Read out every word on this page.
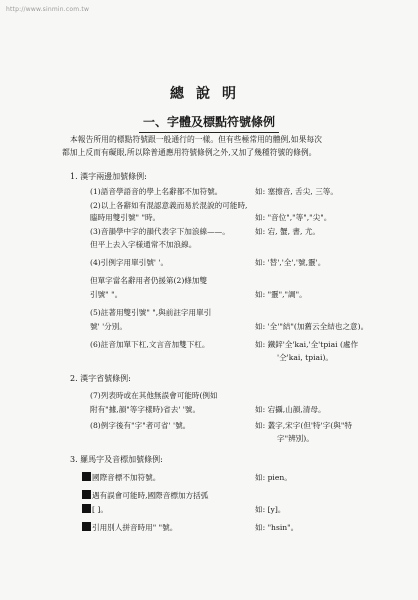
http://www.sinmin.com.tw
總說明
一、字體及標點符號條例
本報告所用的標點符號跟一般通行的一樣。但有些極常用的體例,如果每次
都加上反而有礙眼,所以除普通應用符號條例之外,又加了幾種符號的條例。
1. 漢字兩邊加號條例:
(1)語音學語音的學上名辭都不加符號。	如: 塞擦音, 舌尖, 三等。
(2)以上各辭如有混認意義而易於混說的可能時,
臨時用雙引號" "時。	如: "音位","等","尖"。
(3)音韻學中字的韻代表字下加浪線——。	如: 宕, 蟹, 書, 尤。
但平上去入字様通常不加浪線。
(4)引例字用單引號' '。	如: '替','全','號,靈'。
但單字當名辭用者仍援第(2)條加雙
引號" "。	如: "靈","調"。
(5)註著用雙引號" ",與前註字用單引
號' '分別。	如: '全'"結"(加舊云全結也之意)。
(6)註音加單下杠,文言音加雙下杠。	如: 鐵鋅'全'kai,'全'tpiai (處作
'仝'kai, tpiai)。
2. 漢字省號條例:
(7)列表時或在其他無誤會可能時(例如
附有"據,韻"等字樣時)省去' '號。	如: 宕攝,山韻,清母。
(8)例字後有"字"者可省' '號。	如: 叢字,宋字(但'特'字(與"特
字"辨別)。
3. 羅馬字及音標加號條例:
國際音標不加符號。	如: pien。
遇有誤會可能時,國際音標加方括弧
[ ]。	如: [y]。
引用別人拼音時用" "號。	如: "hsin"。
